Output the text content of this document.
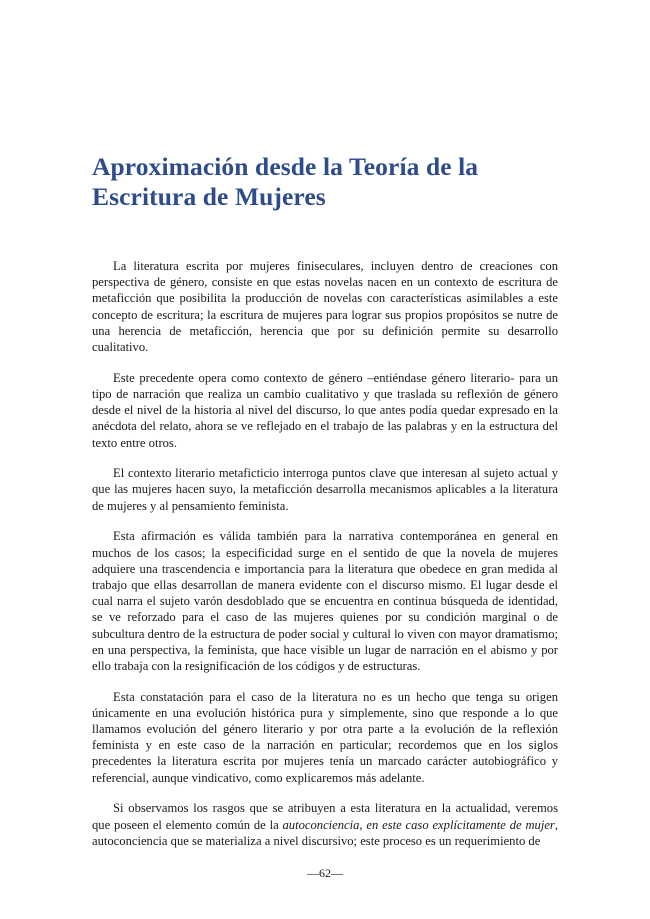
Aproximación desde la Teoría de la Escritura de Mujeres

La literatura escrita por mujeres finiseculares, incluyen dentro de creaciones con perspectiva de género, consiste en que estas novelas nacen en un contexto de escritura de metaficción que posibilita la producción de novelas con características asimilables a este concepto de escritura; la escritura de mujeres para lograr sus propios propósitos se nutre de una herencia de metaficción, herencia que por su definición permite su desarrollo cualitativo.

Este precedente opera como contexto de género –entiéndase género literario- para un tipo de narración que realiza un cambio cualitativo y que traslada su reflexión de género desde el nivel de la historia al nivel del discurso, lo que antes podía quedar expresado en la anécdota del relato, ahora se ve reflejado en el trabajo de las palabras y en la estructura del texto entre otros.

El contexto literario metaficticio interroga puntos clave que interesan al sujeto actual y que las mujeres hacen suyo, la metaficción desarrolla mecanismos aplicables a la literatura de mujeres y al pensamiento feminista.

Esta afirmación es válida también para la narrativa contemporánea en general en muchos de los casos; la especificidad surge en el sentido de que la novela de mujeres adquiere una trascendencia e importancia para la literatura que obedece en gran medida al trabajo que ellas desarrollan de manera evidente con el discurso mismo. El lugar desde el cual narra el sujeto varón desdoblado que se encuentra en continua búsqueda de identidad, se ve reforzado para el caso de las mujeres quienes por su condición marginal o de subcultura dentro de la estructura de poder social y cultural lo viven con mayor dramatismo; en una perspectiva, la feminista, que hace visible un lugar de narración en el abismo y por ello trabaja con la resignificación de los códigos y de estructuras.

Esta constatación para el caso de la literatura no es un hecho que tenga su origen únicamente en una evolución histórica pura y simplemente, sino que responde a lo que llamamos evolución del género literario y por otra parte a la evolución de la reflexión feminista y en este caso de la narración en particular; recordemos que en los siglos precedentes la literatura escrita por mujeres tenía un marcado carácter autobiográfico y referencial, aunque vindicativo, como explicaremos más adelante.

Si observamos los rasgos que se atribuyen a esta literatura en la actualidad, veremos que poseen el elemento común de la autoconciencia, en este caso explícitamente de mujer, autoconciencia que se materializa a nivel discursivo; este proceso es un requerimiento de

—62—
